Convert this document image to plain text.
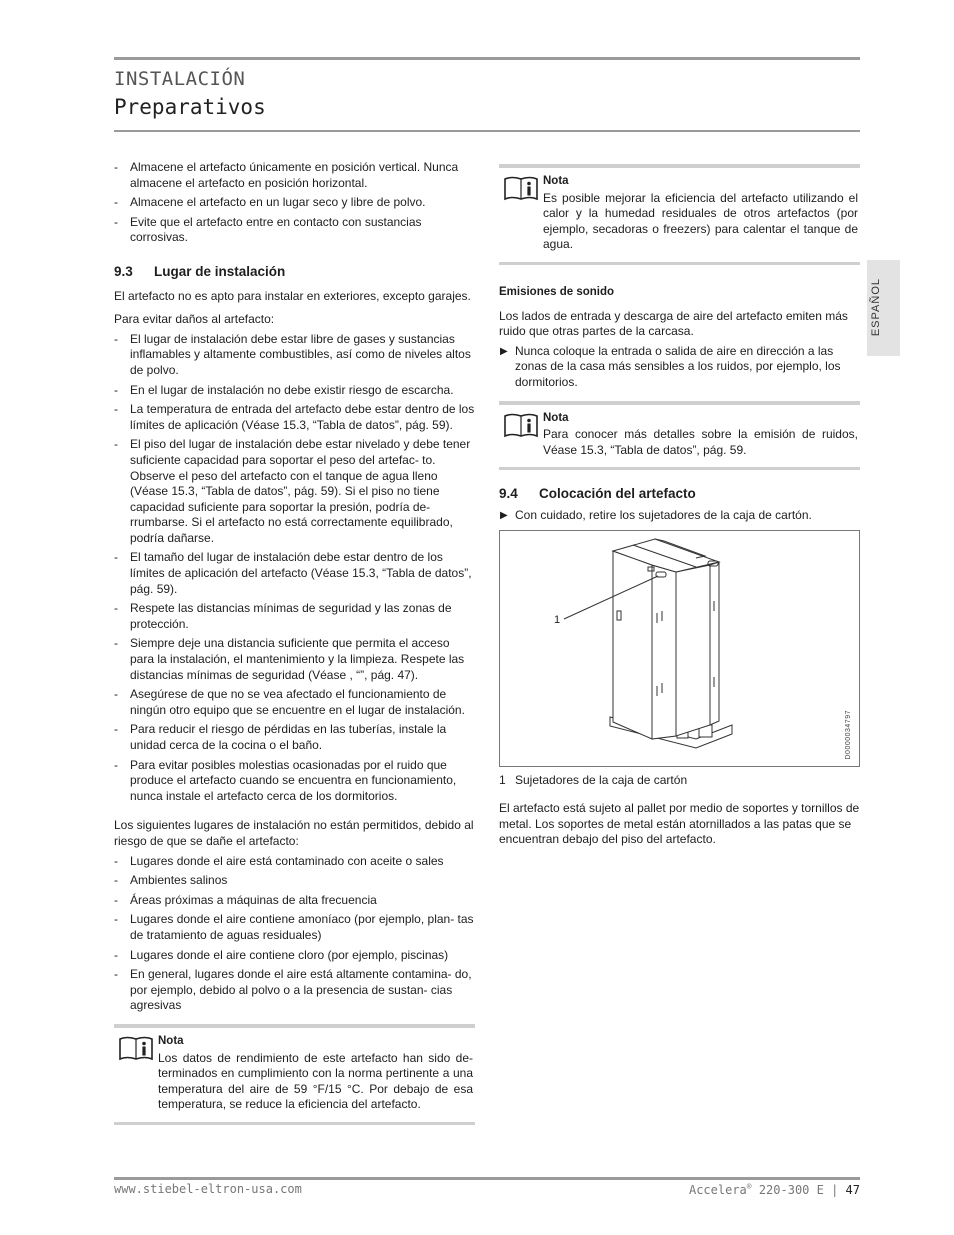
INSTALACIÓN
Preparativos
ESPAÑOL
- Almacene el artefacto únicamente en posición vertical. Nunca almacene el artefacto en posición horizontal.
- Almacene el artefacto en un lugar seco y libre de polvo.
- Evite que el artefacto entre en contacto con sustancias corrosivas.
9.3 Lugar de instalación

El artefacto no es apto para instalar en exteriores, excepto garajes.

Para evitar daños al artefacto:

- El lugar de instalación debe estar libre de gases y sustancias inflamables y altamente combustibles, así como de niveles altos de polvo.
- En el lugar de instalación no debe existir riesgo de escarcha.
- La temperatura de entrada del artefacto debe estar dentro de los límites de aplicación (Véase 15.3, “Tabla de datos”, pág. 59).
- El piso del lugar de instalación debe estar nivelado y debe tener suficiente capacidad para soportar el peso del artefac- to. Observe el peso del artefacto con el tanque de agua lleno (Véase 15.3, “Tabla de datos”, pág. 59). Si el piso no tiene capacidad suficiente para soportar la presión, podría de- rrumbarse. Si el artefacto no está correctamente equilibrado, podría dañarse.
- El tamaño del lugar de instalación debe estar dentro de los límites de aplicación del artefacto (Véase 15.3, “Tabla de datos”, pág. 59).
- Respete las distancias mínimas de seguridad y las zonas de protección.
- Siempre deje una distancia suficiente que permita el acceso para la instalación, el mantenimiento y la limpieza. Respete las distancias mínimas de seguridad (Véase , “”, pág. 47).
- Asegúrese de que no se vea afectado el funcionamiento de ningún otro equipo que se encuentre en el lugar de instalación.
- Para reducir el riesgo de pérdidas en las tuberías, instale la unidad cerca de la cocina o el baño.
- Para evitar posibles molestias ocasionadas por el ruido que produce el artefacto cuando se encuentra en funcionamiento, nunca instale el artefacto cerca de los dormitorios.

Los siguientes lugares de instalación no están permitidos, debido al riesgo de que se dañe el artefacto:

- Lugares donde el aire está contaminado con aceite o sales
- Ambientes salinos
- Áreas próximas a máquinas de alta frecuencia
- Lugares donde el aire contiene amoníaco (por ejemplo, plan- tas de tratamiento de aguas residuales)
- Lugares donde el aire contiene cloro (por ejemplo, piscinas)
- En general, lugares donde el aire está altamente contamina- do, por ejemplo, debido al polvo o a la presencia de sustan- cias agresivas
Nota
Los datos de rendimiento de este artefacto han sido de- terminados en cumplimiento con la norma pertinente a una temperatura del aire de 59 °F/15 °C. Por debajo de esa temperatura, se reduce la eficiencia del artefacto.
Nota
Es posible mejorar la eficiencia del artefacto utilizando el calor y la humedad residuales de otros artefactos (por ejemplo, secadoras o freezers) para calentar el tanque de agua.
Emisiones de sonido

Los lados de entrada y descarga de aire del artefacto emiten más ruido que otras partes de la carcasa.

▶ Nunca coloque la entrada o salida de aire en dirección a las zonas de la casa más sensibles a los ruidos, por ejemplo, los dormitorios.
Nota
Para conocer más detalles sobre la emisión de ruidos, Véase 15.3, “Tabla de datos”, pág. 59.
9.4 Colocación del artefacto
▶ Con cuidado, retire los sujetadores de la caja de cartón.
1
D0000034797
1 Sujetadores de la caja de cartón

El artefacto está sujeto al pallet por medio de soportes y tornillos de metal. Los soportes de metal están atornillados a las patas que se encuentran debajo del piso del artefacto.

www.stiebel-eltron-usa.com	Accelera® 220-300 E | 47
